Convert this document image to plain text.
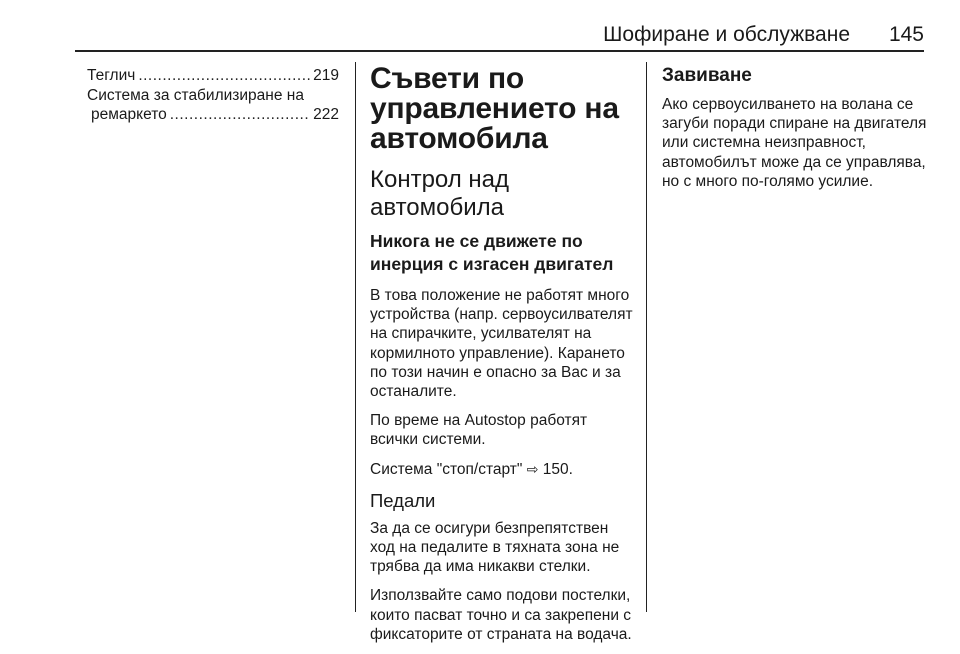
Шофиране и обслужване	145
Теглич .....	219
Система за стабилизиране на
ремаркето .....	222
Съвети по управлението на автомобила
Контрол над автомобила
Никога не се движете по инерция с изгасен двигател

В това положение не работят много устройства (напр. сервоусилвателят на спирачките, усилвателят на кормилното управление). Карането по този начин е опасно за Вас и за останалите.

По време на Autostop работят всички системи.

Система "стоп/старт" ⇨ 150.

Педали

За да се осигури безпрепятствен ход на педалите в тяхната зона не трябва да има никакви стелки.

Използвайте само подови постелки, които пасват точно и са закрепени с фиксаторите от страната на водача.

Завиване

Ако сервоусилването на волана се загуби поради спиране на двигателя или системна неизправност, автомобилът може да се управлява, но с много по-голямо усилие.
